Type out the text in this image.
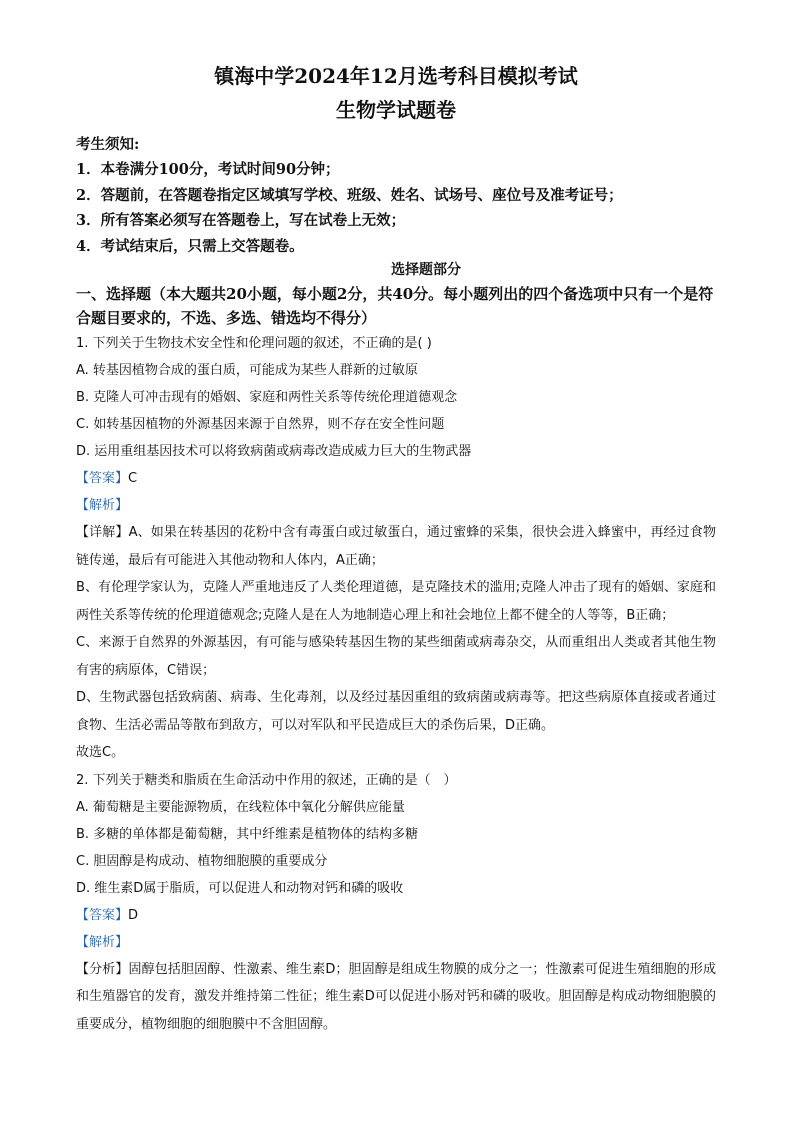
镇海中学2024年12月选考科目模拟考试

生物学试题卷

考生须知:

1．本卷满分100分，考试时间90分钟；

2．答题前，在答题卷指定区域填写学校、班级、姓名、试场号、座位号及准考证号；

3．所有答案必须写在答题卷上，写在试卷上无效；

4．考试结束后，只需上交答题卷。

选择题部分

一、选择题（本大题共20小题，每小题2分，共40分。每小题列出的四个备选项中只有一个是符合题目要求的，不选、多选、错选均不得分）

1. 下列关于生物技术安全性和伦理问题的叙述，不正确的是( )

A. 转基因植物合成的蛋白质，可能成为某些人群新的过敏原

B. 克隆人可冲击现有的婚姻、家庭和两性关系等传统伦理道德观念

C. 如转基因植物的外源基因来源于自然界，则不存在安全性问题

D. 运用重组基因技术可以将致病菌或病毒改造成威力巨大的生物武器

【答案】C

【解析】

【详解】A、如果在转基因的花粉中含有毒蛋白或过敏蛋白，通过蜜蜂的采集，很快会进入蜂蜜中，再经过食物链传递，最后有可能进入其他动物和人体内，A正确；

B、有伦理学家认为，克隆人严重地违反了人类伦理道德，是克隆技术的滥用;克隆人冲击了现有的婚姻、家庭和两性关系等传统的伦理道德观念;克隆人是在人为地制造心理上和社会地位上都不健全的人等等，B正确；

C、来源于自然界的外源基因，有可能与感染转基因生物的某些细菌或病毒杂交，从而重组出人类或者其他生物有害的病原体，C错误；

D、生物武器包括致病菌、病毒、生化毒剂，以及经过基因重组的致病菌或病毒等。把这些病原体直接或者通过食物、生活必需品等散布到敌方，可以对军队和平民造成巨大的杀伤后果，D正确。

故选C。

2. 下列关于糖类和脂质在生命活动中作用的叙述，正确的是（　）

A. 葡萄糖是主要能源物质，在线粒体中氧化分解供应能量

B. 多糖的单体都是葡萄糖，其中纤维素是植物体的结构多糖

C. 胆固醇是构成动、植物细胞膜的重要成分

D. 维生素D属于脂质，可以促进人和动物对钙和磷的吸收

【答案】D

【解析】

【分析】固醇包括胆固醇、性激素、维生素D；胆固醇是组成生物膜的成分之一；性激素可促进生殖细胞的形成和生殖器官的发育，激发并维持第二性征；维生素D可以促进小肠对钙和磷的吸收。胆固醇是构成动物细胞膜的重要成分，植物细胞的细胞膜中不含胆固醇。
